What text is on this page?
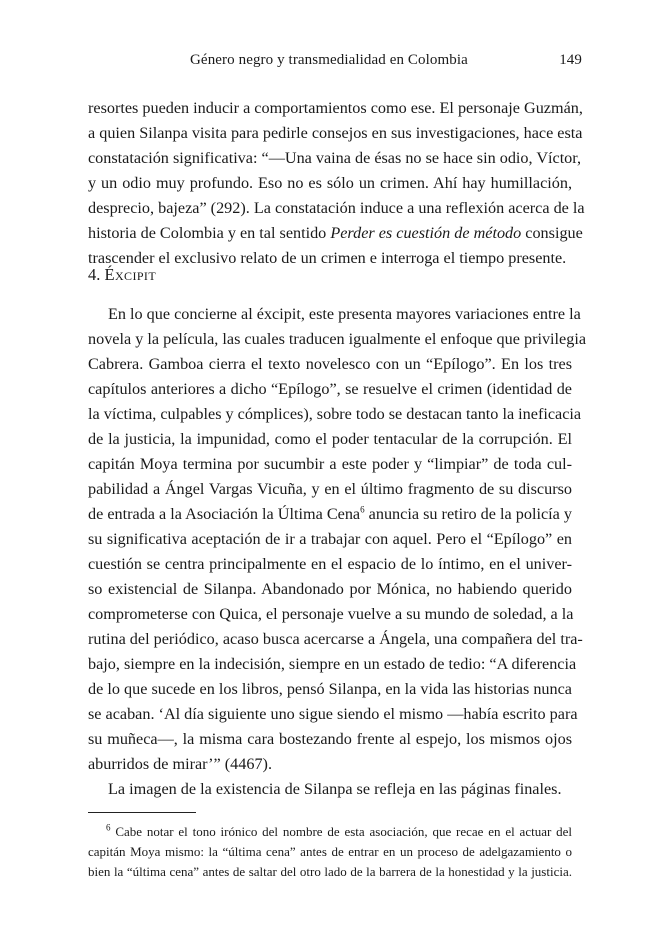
Género negro y transmedialidad en Colombia	149
resortes pueden inducir a comportamientos como ese. El personaje Guzmán,
a quien Silanpa visita para pedirle consejos en sus investigaciones, hace esta
constatación significativa: “—Una vaina de ésas no se hace sin odio, Víctor,
y un odio muy profundo. Eso no es sólo un crimen. Ahí hay humillación,
desprecio, bajeza” (292). La constatación induce a una reflexión acerca de la
historia de Colombia y en tal sentido Perder es cuestión de método consigue
trascender el exclusivo relato de un crimen e interroga el tiempo presente.
4. Éxcipit
En lo que concierne al éxcipit, este presenta mayores variaciones entre la
novela y la película, las cuales traducen igualmente el enfoque que privilegia
Cabrera. Gamboa cierra el texto novelesco con un “Epílogo”. En los tres
capítulos anteriores a dicho “Epílogo”, se resuelve el crimen (identidad de
la víctima, culpables y cómplices), sobre todo se destacan tanto la ineficacia
de la justicia, la impunidad, como el poder tentacular de la corrupción. El
capitán Moya termina por sucumbir a este poder y “limpiar” de toda cul-
pabilidad a Ángel Vargas Vicuña, y en el último fragmento de su discurso
de entrada a la Asociación la Última Cena$^6$ anuncia su retiro de la policía y
su significativa aceptación de ir a trabajar con aquel. Pero el “Epílogo” en
cuestión se centra principalmente en el espacio de lo íntimo, en el univer-
so existencial de Silanpa. Abandonado por Mónica, no habiendo querido
comprometerse con Quica, el personaje vuelve a su mundo de soledad, a la
rutina del periódico, acaso busca acercarse a Ángela, una compañera del tra-
bajo, siempre en la indecisión, siempre en un estado de tedio: “A diferencia
de lo que sucede en los libros, pensó Silanpa, en la vida las historias nunca
se acaban. ‘Al día siguiente uno sigue siendo el mismo —había escrito para
su muñeca—, la misma cara bostezando frente al espejo, los mismos ojos
$^6$ Cabe notar el tono irónico del nombre de esta asociación, que recae en el actuar del
capitán Moya mismo: la “última cena” antes de entrar en un proceso de adelgazamiento o
bien la “última cena” antes de saltar del otro lado de la barrera de la honestidad y la justicia.
aburridos de mirar’” (4467).
La imagen de la existencia de Silanpa se refleja en las páginas finales.
